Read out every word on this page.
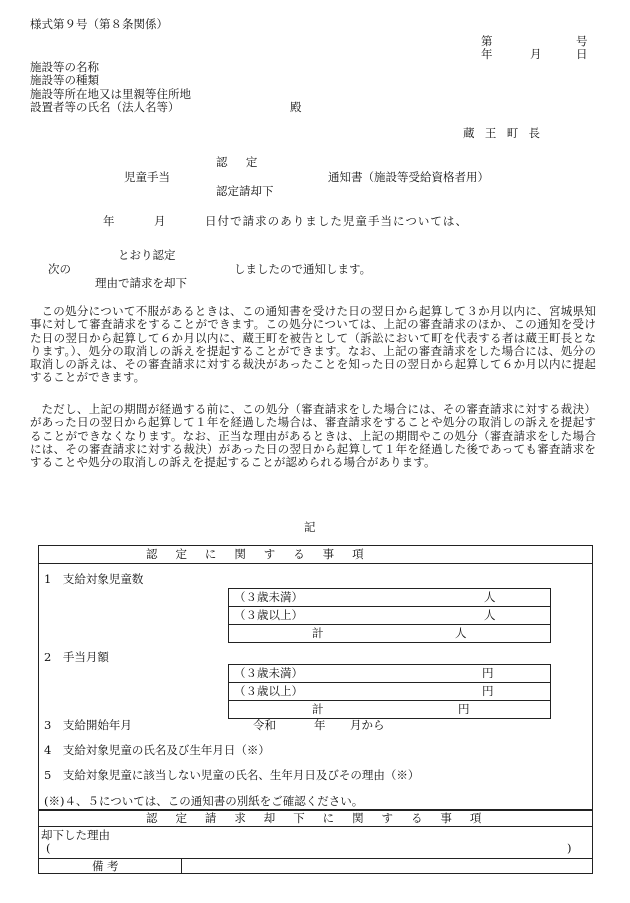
様式第９号（第８条関係）
第	号
年	月	日
施設等の名称
施設等の種類
施設等所在地又は里親等住所地
設置者等の氏名（法人名等）	殿
蔵王町長
認　定
児童手当	通知書（施設等受給資格者用）
認定請却下
年	月	日付で請求のありました児童手当については、
とおり認定
次の	しましたので通知します。
理由で請求を却下
この処分について不服があるときは、この通知書を受けた日の翌日から起算して３か月以内に、宮城県知事に対して審査請求をすることができます。この処分については、上記の審査請求のほか、この通知を受けた日の翌日から起算して６か月以内に、蔵王町を被告として（訴訟において町を代表する者は蔵王町長となります。）、処分の取消しの訴えを提起することができます。なお、上記の審査請求をした場合には、処分の取消しの訴えは、その審査請求に対する裁決があったことを知った日の翌日から起算して６か月以内に提起することができます。
ただし、上記の期間が経過する前に、この処分（審査請求をした場合には、その審査請求に対する裁決）があった日の翌日から起算して１年を経過した場合は、審査請求をすることや処分の取消しの訴えを提起することができなくなります。なお、正当な理由があるときは、上記の期間やこの処分（審査請求をした場合には、その審査請求に対する裁決）があった日の翌日から起算して１年を経過した後であっても審査請求をすることや処分の取消しの訴えを提起することが認められる場合があります。
記
認　定　に　関　す　る　事　項
1　支給対象児童数
（３歳未満）	人
（３歳以上）	人
計	人
2　手当月額
（３歳未満）	円
（３歳以上）	円
計	円
3　支給開始年月	令和	年 月から
4　支給対象児童の氏名及び生年月日（※）
5　支給対象児童に該当しない児童の氏名、生年月日及びその理由（※）
(※)４、５については、この通知書の別紙をご確認ください。
認　定　請　求　却　下　に　関　す　る　事　項
却下した理由
(	)
備考
